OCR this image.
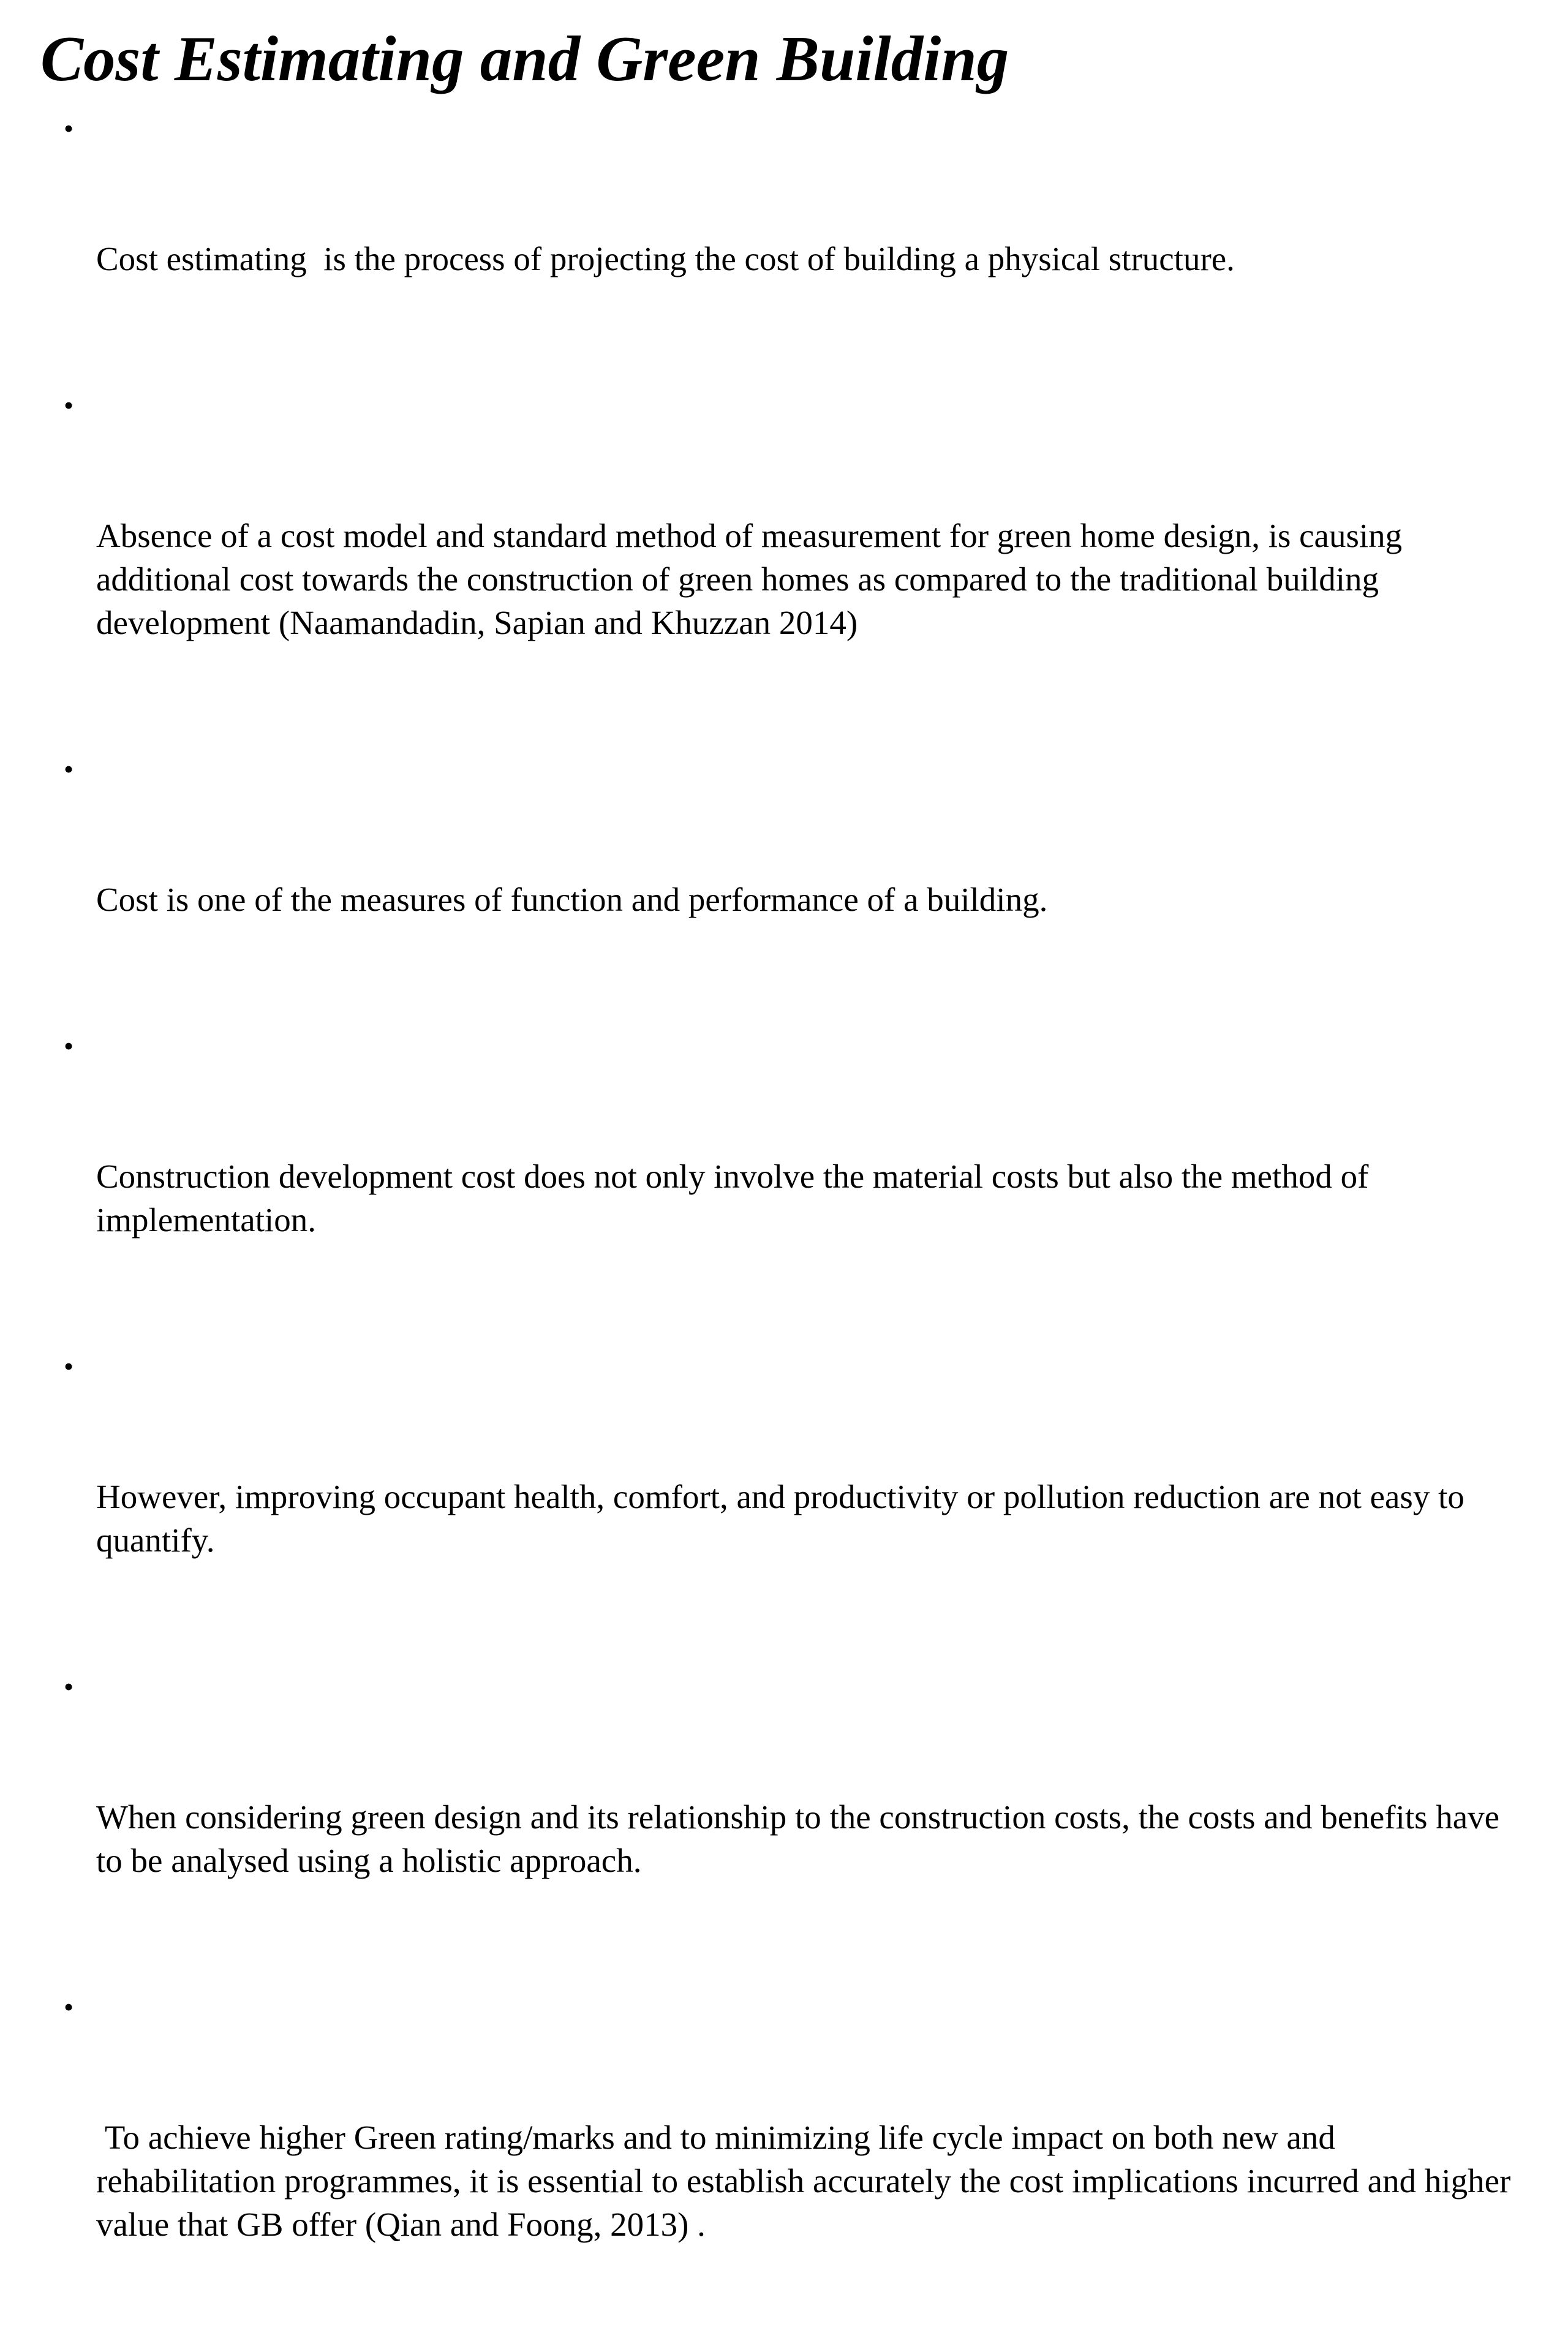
Cost Estimating and Green Building

•

Cost estimating  is the process of projecting the cost of building a physical structure.

•

Absence of a cost model and standard method of measurement for green home design, is causing additional cost towards the construction of green homes as compared to the traditional building development (Naamandadin, Sapian and Khuzzan 2014)

•

Cost is one of the measures of function and performance of a building.

•

Construction development cost does not only involve the material costs but also the method of implementation.

•

However, improving occupant health, comfort, and productivity or pollution reduction are not easy to quantify.

•

When considering green design and its relationship to the construction costs, the costs and benefits have to be analysed using a holistic approach.

•

To achieve higher Green rating/marks and to minimizing life cycle impact on both new and rehabilitation programmes, it is essential to establish accurately the cost implications incurred and higher value that GB offer (Qian and Foong, 2013) .
